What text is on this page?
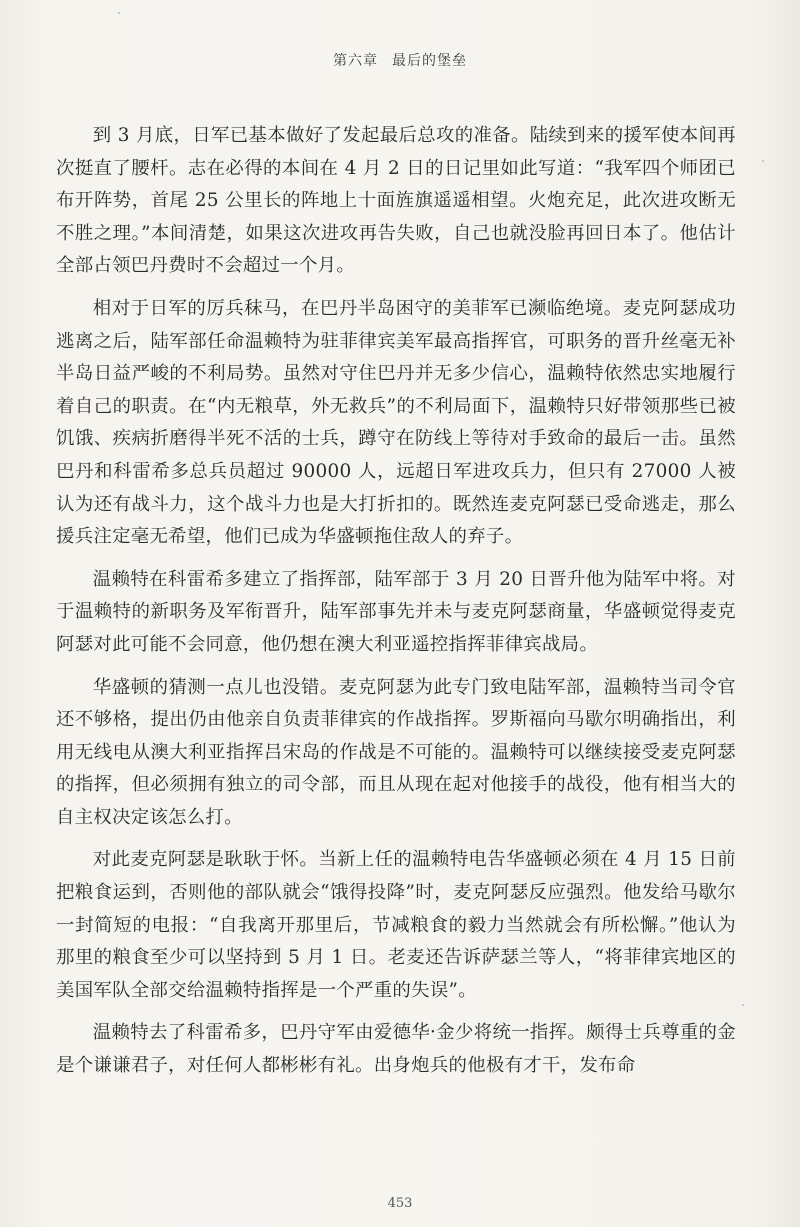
第六章 最后的堡垒

到 3 月底，日军已基本做好了发起最后总攻的准备。陆续到来的援军使本间再次挺直了腰杆。志在必得的本间在 4 月 2 日的日记里如此写道：“我军四个师团已布开阵势，首尾 25 公里长的阵地上十面旌旗遥遥相望。火炮充足，此次进攻断无不胜之理。”本间清楚，如果这次进攻再告失败，自己也就没脸再回日本了。他估计全部占领巴丹费时不会超过一个月。

相对于日军的厉兵秣马，在巴丹半岛困守的美菲军已濒临绝境。麦克阿瑟成功逃离之后，陆军部任命温赖特为驻菲律宾美军最高指挥官，可职务的晋升丝毫无补半岛日益严峻的不利局势。虽然对守住巴丹并无多少信心，温赖特依然忠实地履行着自己的职责。在“内无粮草，外无救兵”的不利局面下，温赖特只好带领那些已被饥饿、疾病折磨得半死不活的士兵，蹲守在防线上等待对手致命的最后一击。虽然巴丹和科雷希多总兵员超过 90000 人，远超日军进攻兵力，但只有 27000 人被认为还有战斗力，这个战斗力也是大打折扣的。既然连麦克阿瑟已受命逃走，那么援兵注定毫无希望，他们已成为华盛顿拖住敌人的弃子。

温赖特在科雷希多建立了指挥部，陆军部于 3 月 20 日晋升他为陆军中将。对于温赖特的新职务及军衔晋升，陆军部事先并未与麦克阿瑟商量，华盛顿觉得麦克阿瑟对此可能不会同意，他仍想在澳大利亚遥控指挥菲律宾战局。

华盛顿的猜测一点儿也没错。麦克阿瑟为此专门致电陆军部，温赖特当司令官还不够格，提出仍由他亲自负责菲律宾的作战指挥。罗斯福向马歇尔明确指出，利用无线电从澳大利亚指挥吕宋岛的作战是不可能的。温赖特可以继续接受麦克阿瑟的指挥，但必须拥有独立的司令部，而且从现在起对他接手的战役，他有相当大的自主权决定该怎么打。

对此麦克阿瑟是耿耿于怀。当新上任的温赖特电告华盛顿必须在 4 月 15 日前把粮食运到，否则他的部队就会“饿得投降”时，麦克阿瑟反应强烈。他发给马歇尔一封简短的电报：“自我离开那里后，节减粮食的毅力当然就会有所松懈。”他认为那里的粮食至少可以坚持到 5 月 1 日。老麦还告诉萨瑟兰等人，“将菲律宾地区的美国军队全部交给温赖特指挥是一个严重的失误”。

温赖特去了科雷希多，巴丹守军由爱德华·金少将统一指挥。颇得士兵尊重的金是个谦谦君子，对任何人都彬彬有礼。出身炮兵的他极有才干，发布命

453
